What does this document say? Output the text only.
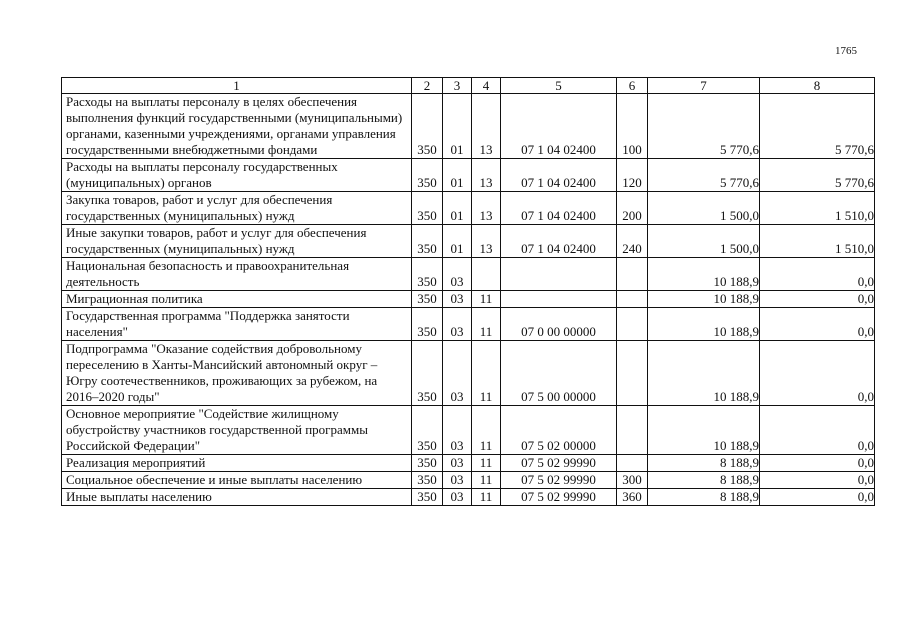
1765
1	2	3	4	5	6	7	8
Расходы на выплаты персоналу в целях обеспечения выполнения функций государственными (муниципальными) органами, казенными учреждениями, органами управления государственными внебюджетными фондами	350	01	13	07 1 04 02400	100	5 770,6	5 770,6
Расходы на выплаты персоналу государственных (муниципальных) органов	350	01	13	07 1 04 02400	120	5 770,6	5 770,6
Закупка товаров, работ и услуг для обеспечения государственных (муниципальных) нужд	350	01	13	07 1 04 02400	200	1 500,0	1 510,0
Иные закупки товаров, работ и услуг для обеспечения государственных (муниципальных) нужд	350	01	13	07 1 04 02400	240	1 500,0	1 510,0
Национальная безопасность и правоохранительная деятельность	350	03				10 188,9	0,0
Миграционная политика	350	03	11			10 188,9	0,0
Государственная программа "Поддержка занятости населения"	350	03	11	07 0 00 00000		10 188,9	0,0
Подпрограмма "Оказание содействия добровольному переселению в Ханты-Мансийский автономный округ – Югру соотечественников, проживающих за рубежом, на 2016–2020 годы"	350	03	11	07 5 00 00000		10 188,9	0,0
Основное мероприятие "Содействие жилищному обустройству участников государственной программы Российской Федерации"	350	03	11	07 5 02 00000		10 188,9	0,0
Реализация мероприятий	350	03	11	07 5 02 99990		8 188,9	0,0
Социальное обеспечение и иные выплаты населению	350	03	11	07 5 02 99990	300	8 188,9	0,0
Иные выплаты населению	350	03	11	07 5 02 99990	360	8 188,9	0,0
